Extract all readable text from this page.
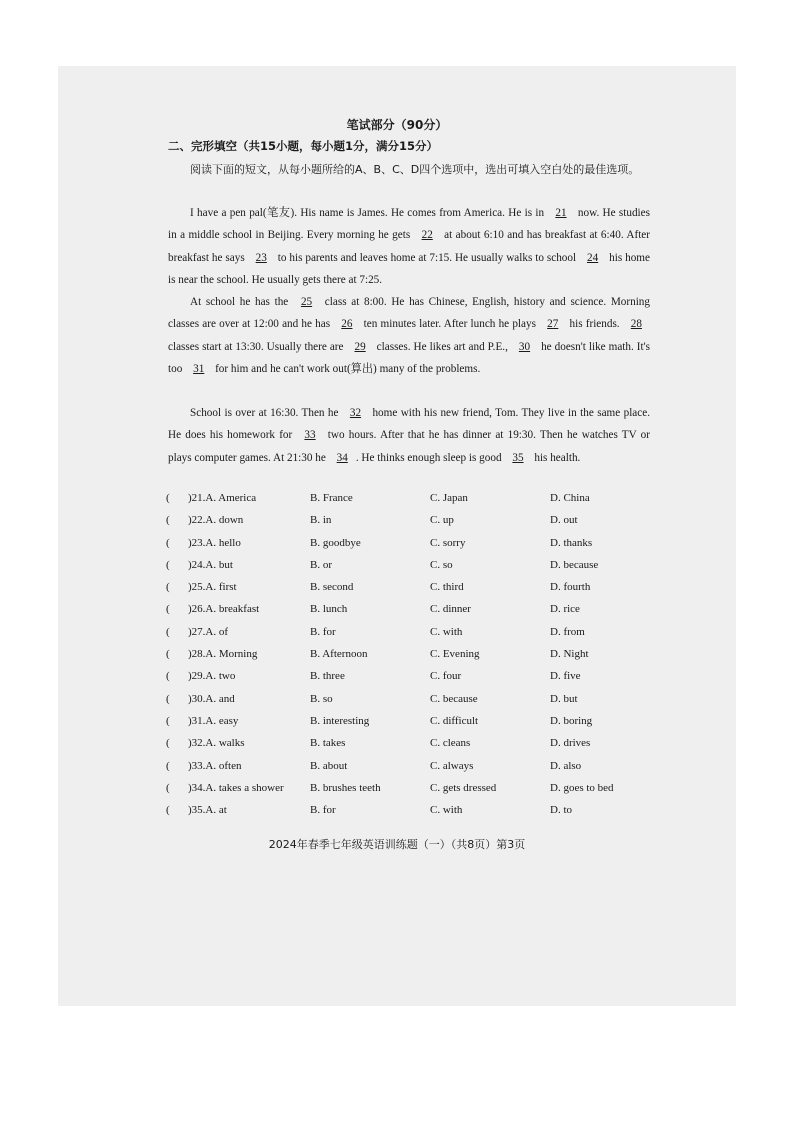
笔试部分（90分）
二、完形填空（共15小题，每小题1分，满分15分）
阅读下面的短文，从每小题所给的A、B、C、D四个选项中，选出可填入空白处的最佳选项。
I have a pen pal(笔友). His name is James. He comes from America. He is in 21 now. He studies in a middle school in Beijing. Every morning he gets 22 at about 6:10 and has breakfast at 6:40. After breakfast he says 23 to his parents and leaves home at 7:15. He usually walks to school 24 his home is near the school. He usually gets there at 7:25.
At school he has the 25 class at 8:00. He has Chinese, English, history and science. Morning classes are over at 12:00 and he has 26 ten minutes later. After lunch he plays 27 his friends. 28 classes start at 13:30. Usually there are 29 classes. He likes art and P.E., 30 he doesn't like math. It's too 31 for him and he can't work out(算出) many of the problems.
School is over at 16:30. Then he 32 home with his new friend, Tom. They live in the same place. He does his homework for 33 two hours. After that he has dinner at 19:30. Then he watches TV or plays computer games. At 21:30 he 34 . He thinks enough sleep is good 35 his health.
( )21.A. America	B. France	C. Japan	D. China
( )22.A. down	B. in	C. up	D. out
( )23.A. hello	B. goodbye	C. sorry	D. thanks
( )24.A. but	B. or	C. so	D. because
( )25.A. first	B. second	C. third	D. fourth
( )26.A. breakfast	B. lunch	C. dinner	D. rice
( )27.A. of	B. for	C. with	D. from
( )28.A. Morning	B. Afternoon	C. Evening	D. Night
( )29.A. two	B. three	C. four	D. five
( )30.A. and	B. so	C. because	D. but
( )31.A. easy	B. interesting	C. difficult	D. boring
( )32.A. walks	B. takes	C. cleans	D. drives
( )33.A. often	B. about	C. always	D. also
( )34.A. takes a shower B. brushes teeth	C. gets dressed	D. goes to bed
( )35.A. at	B. for	C. with	D. to
2024年春季七年级英语训练题（一）（共8页）第3页
